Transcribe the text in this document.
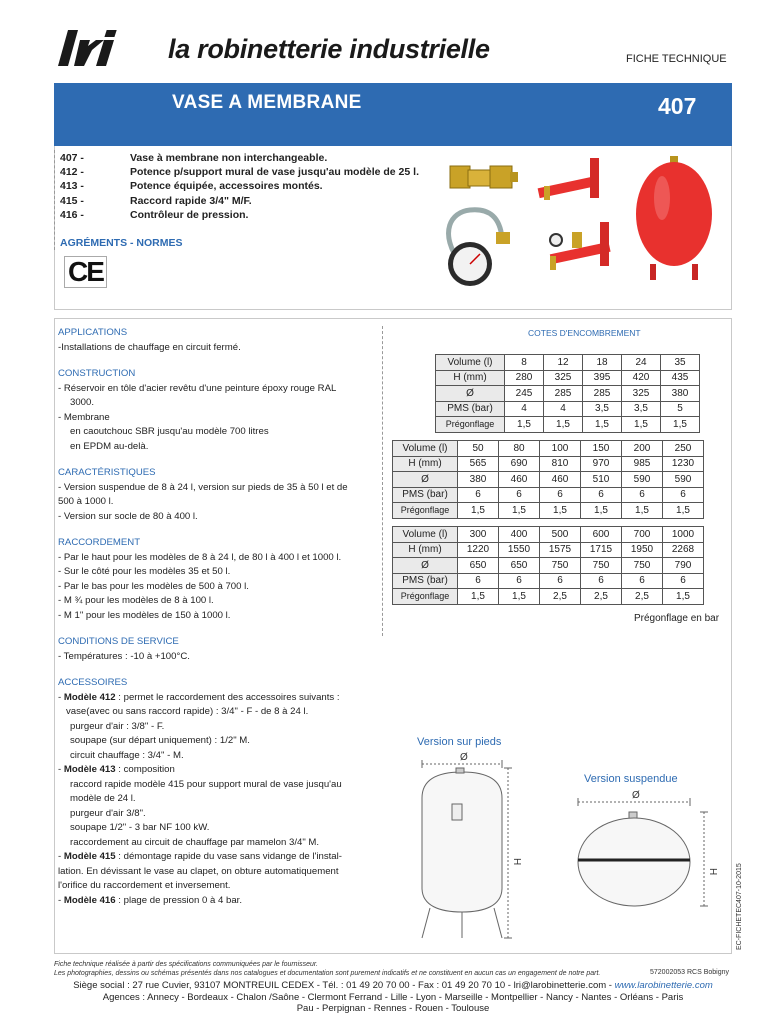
la robinetterie industrielle	FICHE TECHNIQUE
VASE A MEMBRANE	407
407 -	Vase à membrane non interchangeable.
412 -	Potence p/support mural de vase jusqu'au modèle de 25 l.
413 -	Potence équipée, accessoires montés.
415 -	Raccord rapide 3/4" M/F.
416 -	Contrôleur de pression.
AGRÉMENTS - NORMES
CE
APPLICATIONS
-Installations de chauffage en circuit fermé.
CONSTRUCTION
- Réservoir en tôle d'acier revêtu d'une peinture époxy rouge RAL
3000.
- Membrane
en caoutchouc SBR jusqu'au modèle 700 litres
en EPDM au-delà.
CARACTÉRISTIQUES
- Version suspendue de 8 à 24 l, version sur pieds de 35 à 50 l et de
500 à 1000 l.
- Version sur socle de 80 à 400 l.
RACCORDEMENT
- Par le haut pour les modèles de 8 à 24 l, de 80 l à 400 l et 1000 l.
- Sur le côté pour les modèles 35 et 50 l.
- Par le bas pour les modèles de 500 à 700 l.
- M ¾ pour les modèles de 8 à 100 l.
- M 1" pour les modèles de 150 à 1000 l.
CONDITIONS DE SERVICE
- Températures : -10 à +100°C.
ACCESSOIRES
- Modèle 412 : permet le raccordement des accessoires suivants :
vase(avec ou sans raccord rapide) : 3/4" - F - de 8 à 24 l.
purgeur d'air : 3/8" - F.
soupape (sur départ uniquement) : 1/2" M.
circuit chauffage : 3/4" - M.
- Modèle 413 : composition
raccord rapide modèle 415 pour support mural de vase jusqu'au
modèle de 24 l.
purgeur d'air 3/8".
soupape 1/2" - 3 bar NF 100 kW.
raccordement au circuit de chauffage par mamelon 3/4" M.
- Modèle 415 : démontage rapide du vase sans vidange de l'instal-
lation. En dévissant le vase au clapet, on obture automatiquement
l'orifice du raccordement et inversement.
- Modèle 416 : plage de pression 0 à 4 bar.
COTES D'ENCOMBREMENT
Volume (l)	8	12	18	24	35
H (mm)	280	325	395	420	435
Ø	245	285	285	325	380
PMS (bar)	4	4	3,5	3,5	5
Prégonflage	1,5	1,5	1,5	1,5	1,5
Volume (l)	50	80	100	150	200	250
H (mm)	565	690	810	970	985	1230
Ø	380	460	460	510	590	590
PMS (bar)	6	6	6	6	6	6
Prégonflage	1,5	1,5	1,5	1,5	1,5	1,5
Volume (l)	300	400	500	600	700	1000
H (mm)	1220	1550	1575	1715	1950	2268
Ø	650	650	750	750	750	790
PMS (bar)	6	6	6	6	6	6
Prégonflage	1,5	1,5	2,5	2,5	2,5	1,5
Prégonflage en bar
Version sur pieds
Version suspendue
Ø
Ø
H
H	EC-FICHETEC407-10-2015
Fiche technique réalisée à partir des spécifications communiquées par le fournisseur.
Les photographies, dessins ou schémas présentés dans nos catalogues et documentation sont purement indicatifs et ne constituent en aucun cas un engagement de notre part.	572002053 RCS Bobigny
Siège social : 27 rue Cuvier, 93107 MONTREUIL CEDEX - Tél. : 01 49 20 70 00 - Fax : 01 49 20 70 10 - lri@larobinetterie.com - www.larobinetterie.com
Agences : Annecy - Bordeaux - Chalon /Saône - Clermont Ferrand - Lille - Lyon - Marseille - Montpellier - Nancy - Nantes - Orléans - Paris
Pau - Perpignan - Rennes - Rouen - Toulouse
